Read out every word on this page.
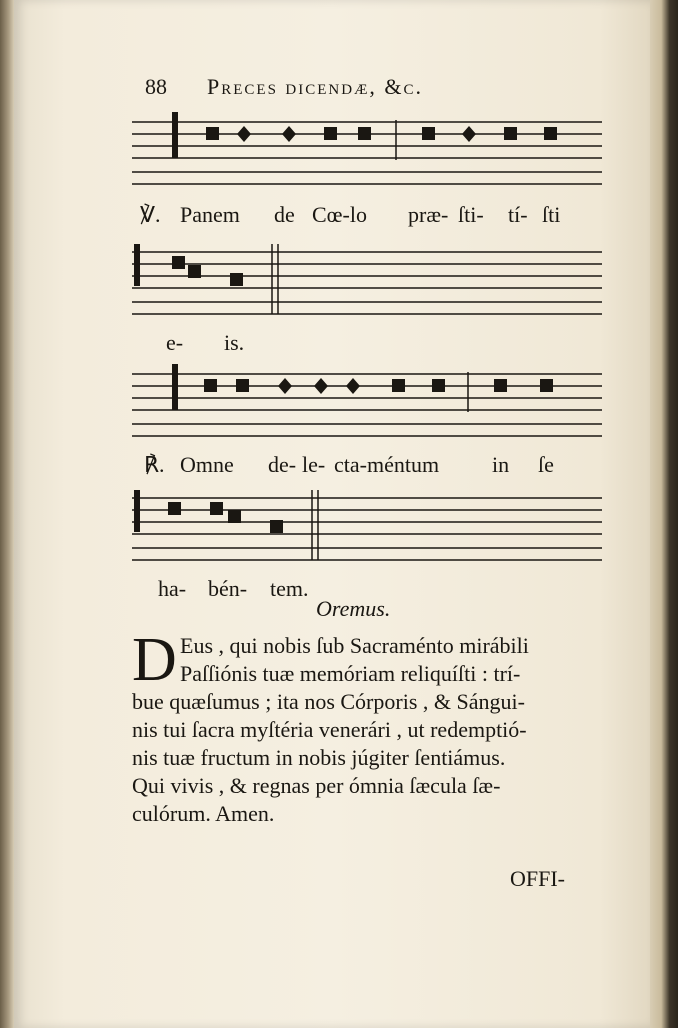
88 Preces dicendæ, &c.
℣. Panem de Cœ-lo præ- ſti- tí- ſti
e- is.
℟. Omne de- le- ctа-méntum in ſe
ha- bén- tem.
Oremus.
D Eus , qui nobis ſub Sacraménto mirábili
Paſſiónis tuæ memóriam reliquíſti : trí-
bue quæſumus ; ita nos Córporis , & Sángui-
nis tui ſacra myſtéria venerári , ut redemptió-
nis tuæ fructum in nobis júgiter ſentiámus.
Qui vivis , & regnas per ómnia ſæcula ſæ-
culórum. Amen.
OFFI-
